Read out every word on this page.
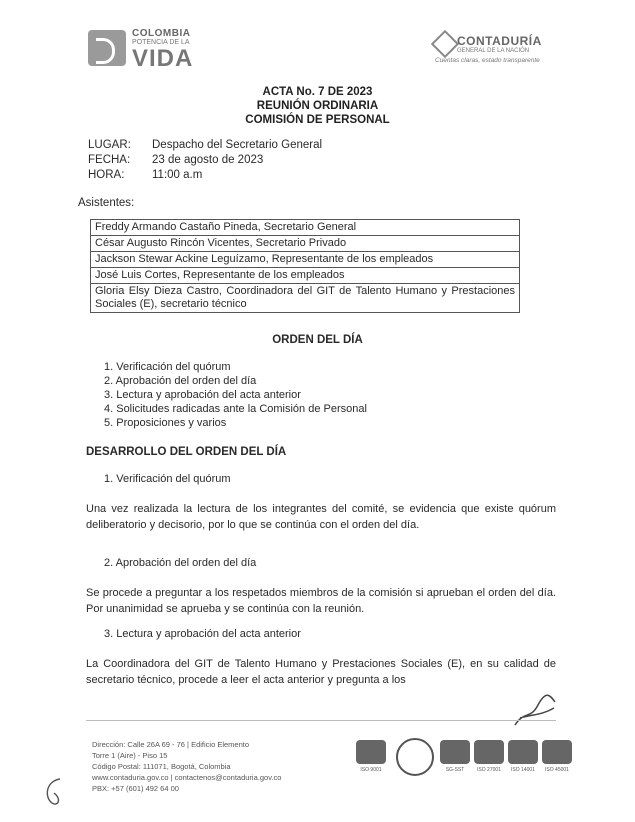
COLOMBIA
POTENCIA DE LA
VIDA
CONTADURÍA
GENERAL DE LA NACIÓN
Cuentas claras, estado transparente
ACTA No. 7 DE 2023
REUNIÓN ORDINARIA
COMISIÓN DE PERSONAL
LUGAR: Despacho del Secretario General
FECHA: 23 de agosto de 2023
HORA: 11:00 a.m
Asistentes:
Freddy Armando Castaño Pineda, Secretario General
César Augusto Rincón Vicentes, Secretario Privado
Jackson Stewar Ackine Leguízamo, Representante de los empleados
José Luis Cortes, Representante de los empleados
Gloria Elsy Dieza Castro, Coordinadora del GIT de Talento Humano y Prestaciones Sociales (E), secretario técnico
ORDEN DEL DÍA
1. Verificación del quórum
2. Aprobación del orden del día
3. Lectura y aprobación del acta anterior
4. Solicitudes radicadas ante la Comisión de Personal
5. Proposiciones y varios
DESARROLLO DEL ORDEN DEL DÍA
1. Verificación del quórum
Una vez realizada la lectura de los integrantes del comité, se evidencia que existe quórum deliberatorio y decisorio, por lo que se continúa con el orden del día.
2. Aprobación del orden del día
Se procede a preguntar a los respetados miembros de la comisión si aprueban el orden del día. Por unanimidad se aprueba y se continúa con la reunión.
3. Lectura y aprobación del acta anterior
La Coordinadora del GIT de Talento Humano y Prestaciones Sociales (E), en su calidad de secretario técnico, procede a leer el acta anterior y pregunta a los
Dirección: Calle 26A 69 - 76 | Edificio Elemento
Torre 1 (Aire) - Piso 15
Código Postal: 111071, Bogotá, Colombia
www.contaduria.gov.co | contactenos@contaduria.gov.co
PBX: +57 (601) 492 64 00
ISO 9001	SG-SST	ISO 27001	ISO 14001	ISO 45001
